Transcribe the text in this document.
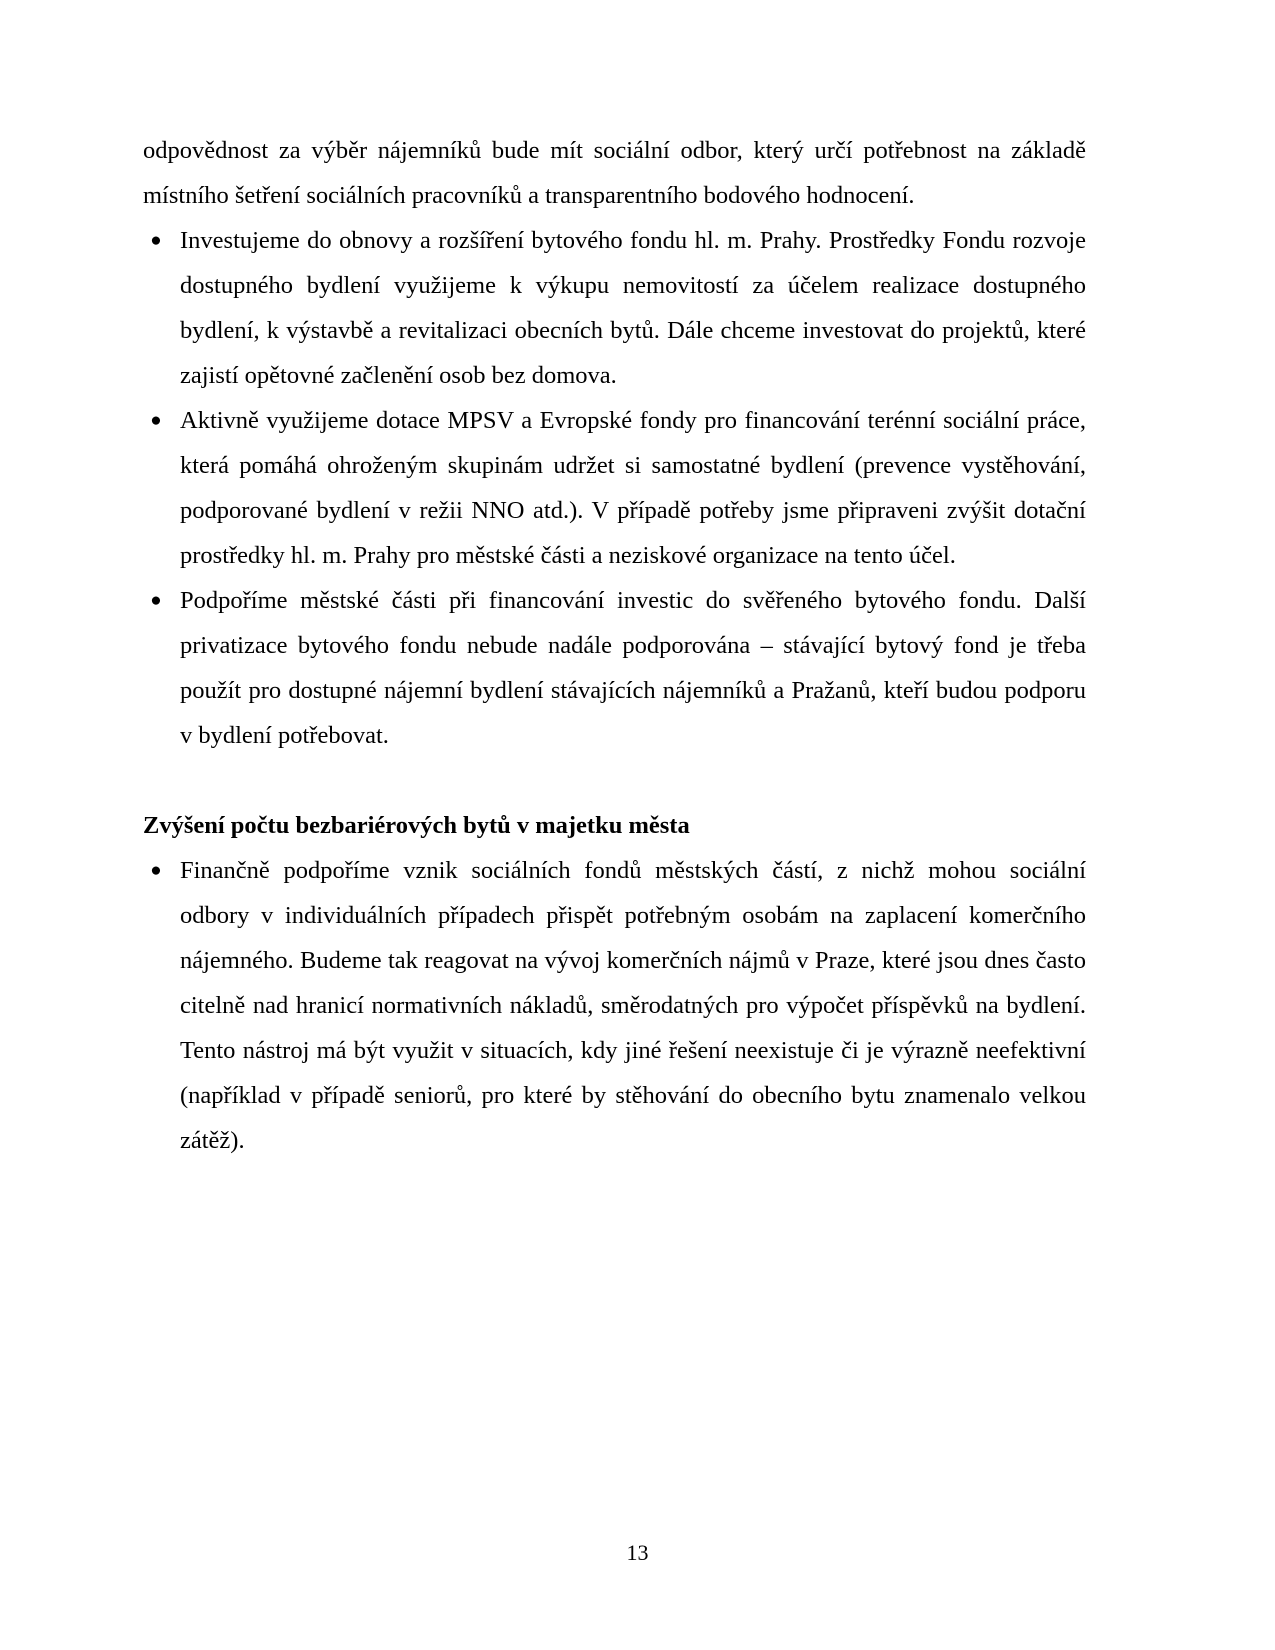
odpovědnost za výběr nájemníků bude mít sociální odbor, který určí potřebnost na základě místního šetření sociálních pracovníků a transparentního bodového hodnocení.

● Investujeme do obnovy a rozšíření bytového fondu hl. m. Prahy. Prostředky Fondu rozvoje dostupného bydlení využijeme k výkupu nemovitostí za účelem realizace dostupného bydlení, k výstavbě a revitalizaci obecních bytů. Dále chceme investovat do projektů, které zajistí opětovné začlenění osob bez domova.
● Aktivně využijeme dotace MPSV a Evropské fondy pro financování terénní sociální práce, která pomáhá ohroženým skupinám udržet si samostatné bydlení (prevence vystěhování, podporované bydlení v režii NNO atd.). V případě potřeby jsme připraveni zvýšit dotační prostředky hl. m. Prahy pro městské části a neziskové organizace na tento účel.
● Podpoříme městské části při financování investic do svěřeného bytového fondu. Další privatizace bytového fondu nebude nadále podporována – stávající bytový fond je třeba použít pro dostupné nájemní bydlení stávajících nájemníků a Pražanů, kteří budou podporu v bydlení potřebovat.
Zvýšení počtu bezbariérových bytů v majetku města
● Finančně podpoříme vznik sociálních fondů městských částí, z nichž mohou sociální odbory v individuálních případech přispět potřebným osobám na zaplacení komerčního nájemného. Budeme tak reagovat na vývoj komerčních nájmů v Praze, které jsou dnes často citelně nad hranicí normativních nákladů, směrodatných pro výpočet příspěvků na bydlení. Tento nástroj má být využit v situacích, kdy jiné řešení neexistuje či je výrazně neefektivní (například v případě seniorů, pro které by stěhování do obecního bytu znamenalo velkou zátěž).
13
